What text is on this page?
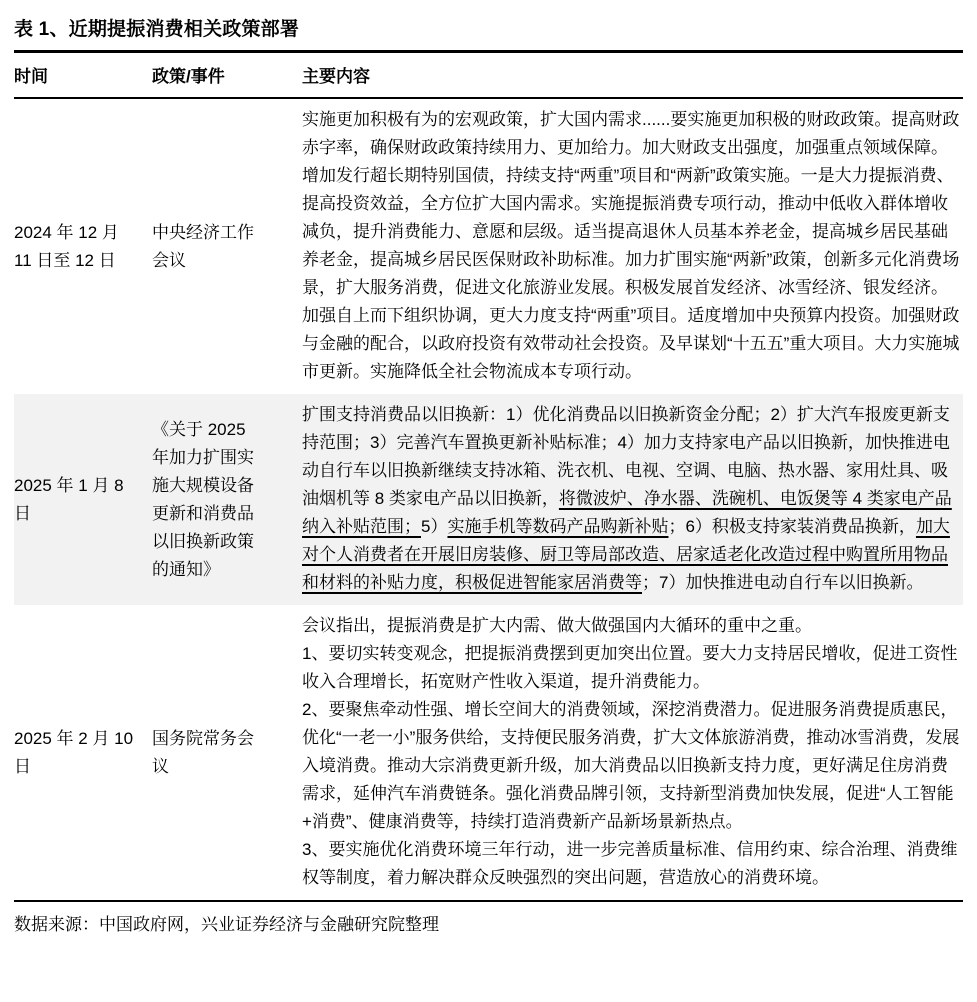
表 1、近期提振消费相关政策部署
时间	政策/事件	主要内容
2024 年 12 月 11 日至 12 日	中央经济工作会议	实施更加积极有为的宏观政策，扩大国内需求......要实施更加积极的财政政策。提高财政赤字率，确保财政政策持续用力、更加给力。加大财政支出强度，加强重点领域保障。增加发行超长期特别国债，持续支持“两重”项目和“两新”政策实施。一是大力提振消费、提高投资效益，全方位扩大国内需求。实施提振消费专项行动，推动中低收入群体增收减负，提升消费能力、意愿和层级。适当提高退休人员基本养老金，提高城乡居民基础养老金，提高城乡居民医保财政补助标准。加力扩围实施“两新”政策，创新多元化消费场景，扩大服务消费，促进文化旅游业发展。积极发展首发经济、冰雪经济、银发经济。加强自上而下组织协调，更大力度支持“两重”项目。适度增加中央预算内投资。加强财政与金融的配合，以政府投资有效带动社会投资。及早谋划“十五五”重大项目。大力实施城市更新。实施降低全社会物流成本专项行动。

2025 年 1 月 8 日	《关于 2025 年加力扩围实施大规模设备更新和消费品以旧换新政策的通知》	扩围支持消费品以旧换新：1）优化消费品以旧换新资金分配；2）扩大汽车报废更新支持范围；3）完善汽车置换更新补贴标准；4）加力支持家电产品以旧换新，加快推进电动自行车以旧换新继续支持冰箱、洗衣机、电视、空调、电脑、热水器、家用灶具、吸油烟机等 8 类家电产品以旧换新，将微波炉、净水器、洗碗机、电饭煲等 4 类家电产品纳入补贴范围；5）实施手机等数码产品购新补贴；6）积极支持家装消费品换新，加大对个人消费者在开展旧房装修、厨卫等局部改造、居家适老化改造过程中购置所用物品和材料的补贴力度，积极促进智能家居消费等；7）加快推进电动自行车以旧换新。

2025 年 2 月 10 日	国务院常务会议	会议指出，提振消费是扩大内需、做大做强国内大循环的重中之重。
1、要切实转变观念，把提振消费摆到更加突出位置。要大力支持居民增收，促进工资性收入合理增长，拓宽财产性收入渠道，提升消费能力。
2、要聚焦牵动性强、增长空间大的消费领域，深挖消费潜力。促进服务消费提质惠民，优化“一老一小”服务供给，支持便民服务消费，扩大文体旅游消费，推动冰雪消费，发展入境消费。推动大宗消费更新升级，加大消费品以旧换新支持力度，更好满足住房消费需求，延伸汽车消费链条。强化消费品牌引领，支持新型消费加快发展，促进“人工智能+消费”、健康消费等，持续打造消费新产品新场景新热点。
3、要实施优化消费环境三年行动，进一步完善质量标准、信用约束、综合治理、消费维权等制度，着力解决群众反映强烈的突出问题，营造放心的消费环境。
数据来源：中国政府网，兴业证券经济与金融研究院整理
